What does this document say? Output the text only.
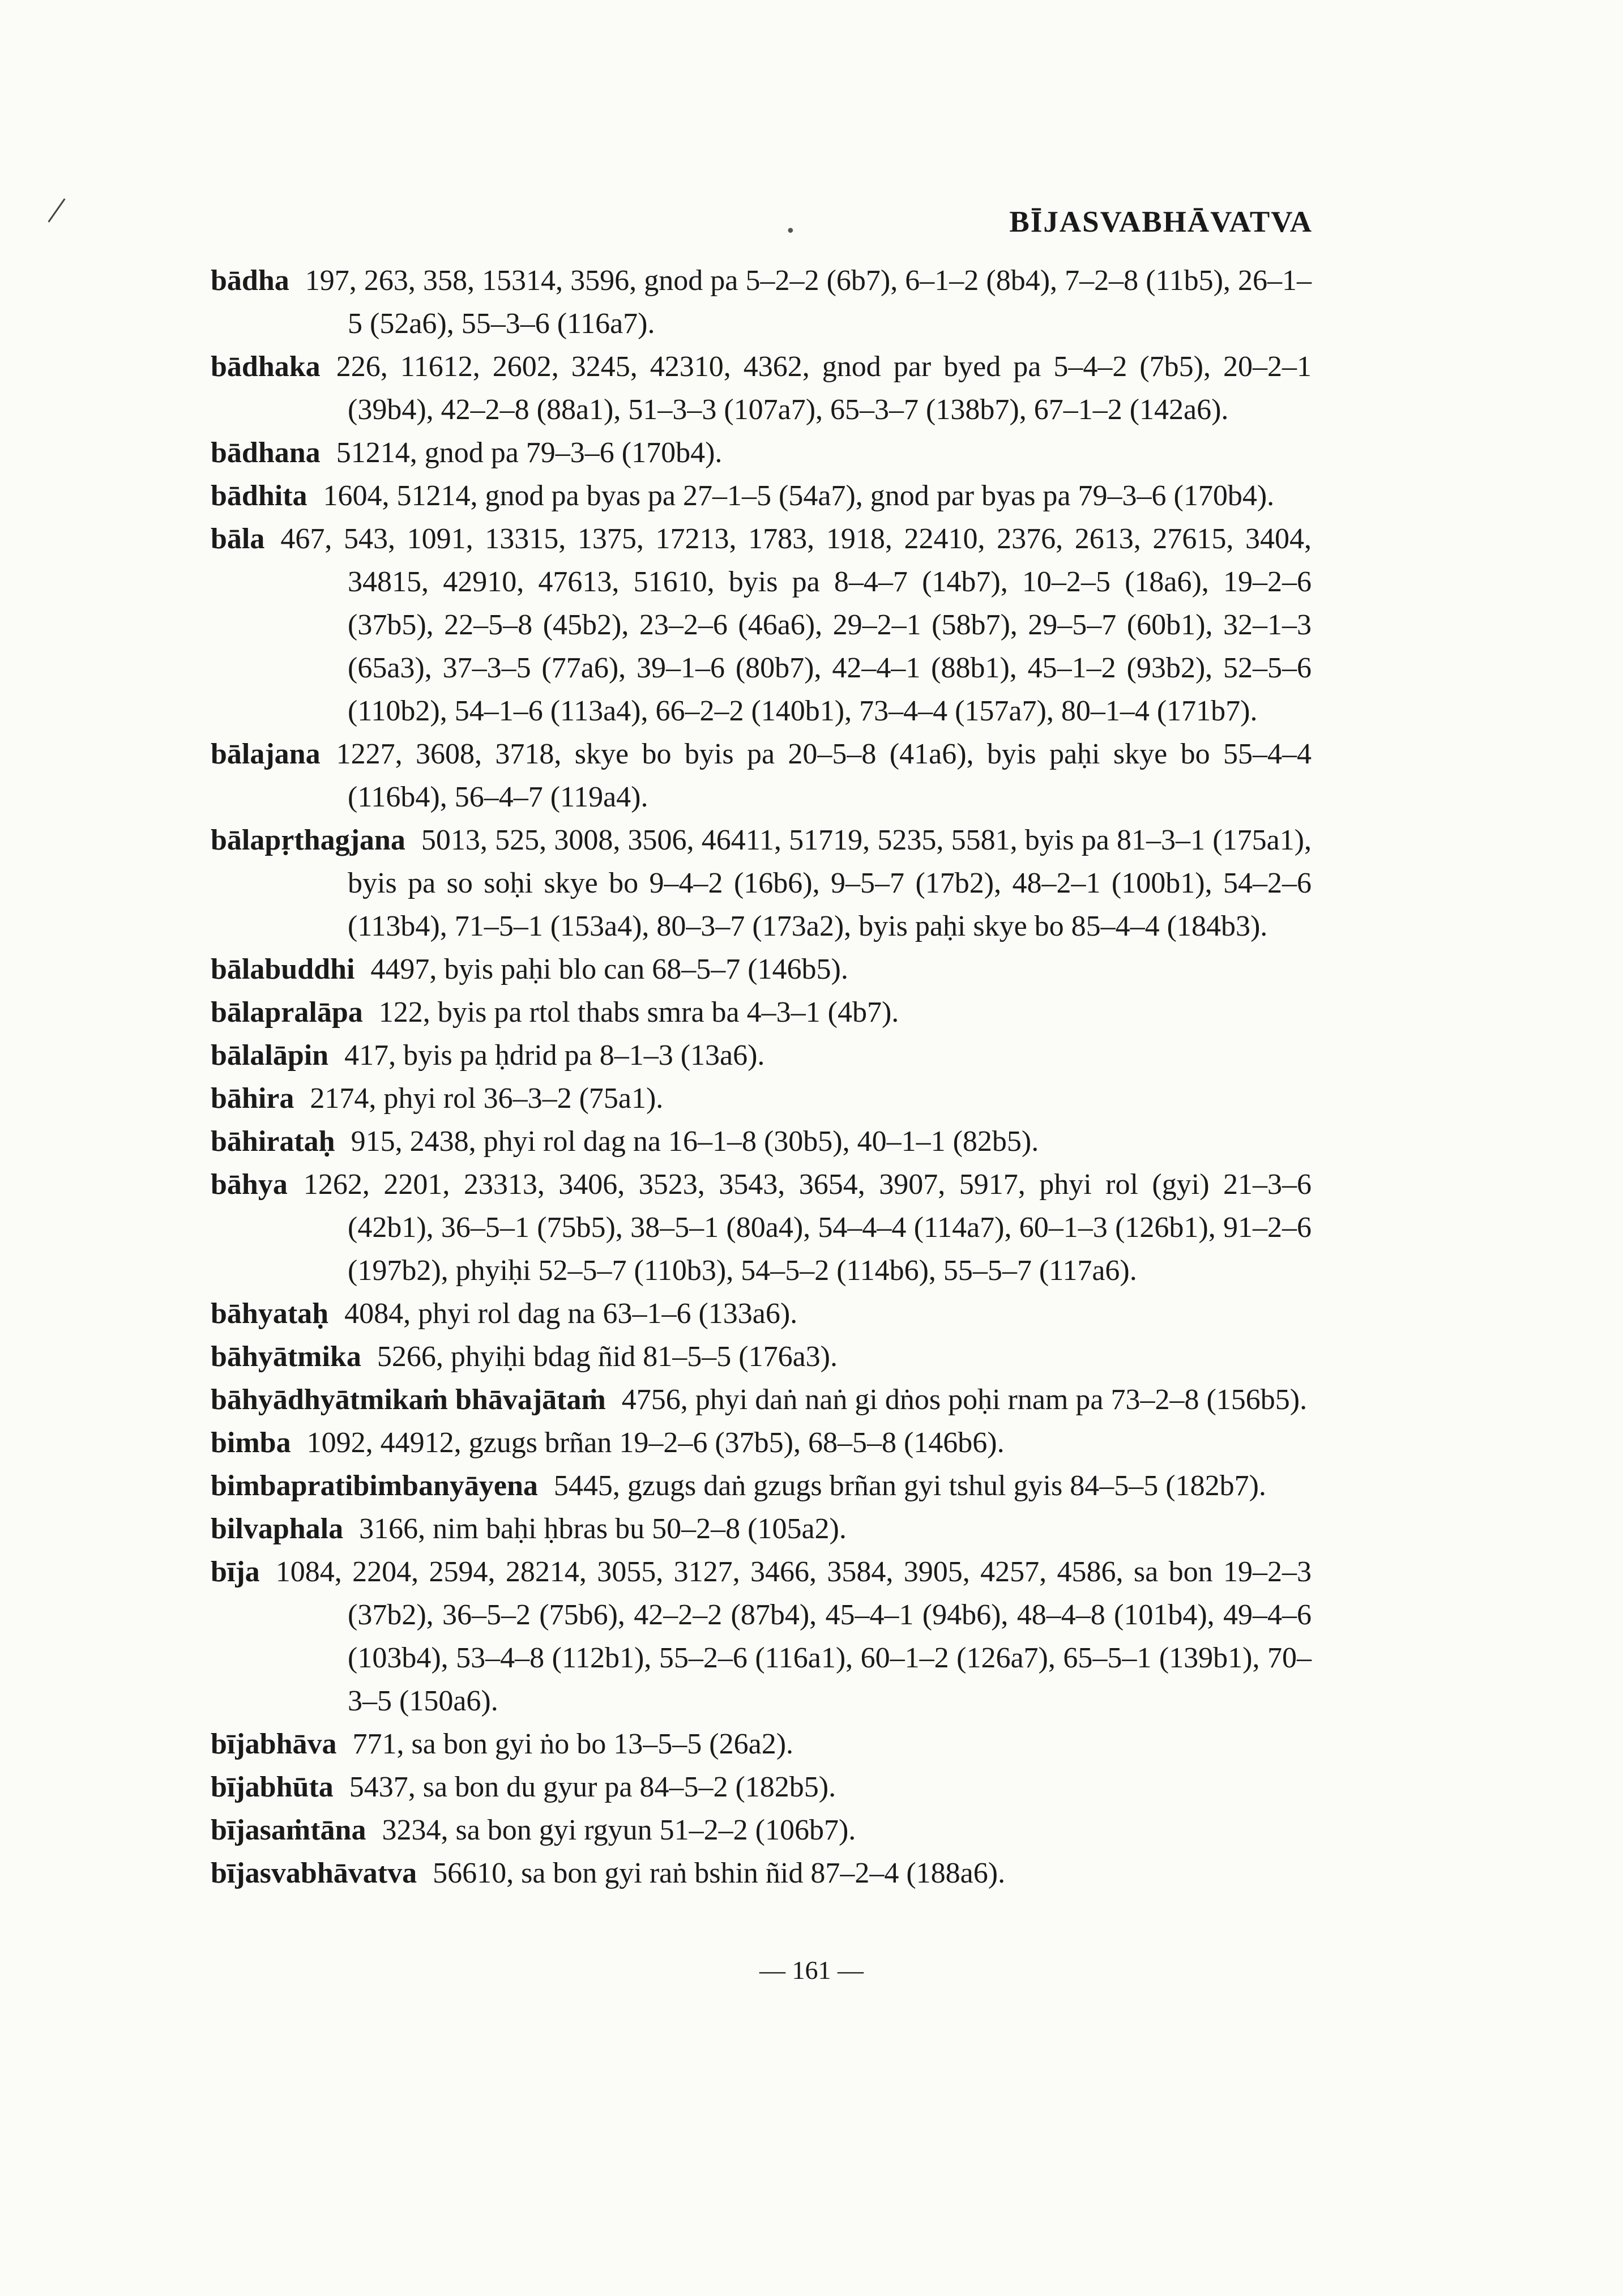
•	BĪJASVABHĀVATVA

bādha 197, 263, 358, 15314, 3596, gnod pa 5–2–2 (6b7), 6–1–2 (8b4), 7–2–8 (11b5), 26–1–5 (52a6), 55–3–6 (116a7).

bādhaka 226, 11612, 2602, 3245, 42310, 4362, gnod par byed pa 5–4–2 (7b5), 20–2–1 (39b4), 42–2–8 (88a1), 51–3–3 (107a7), 65–3–7 (138b7), 67–1–2 (142a6).

bādhana 51214, gnod pa 79–3–6 (170b4).

bādhita 1604, 51214, gnod pa byas pa 27–1–5 (54a7), gnod par byas pa 79–3–6 (170b4).

bāla 467, 543, 1091, 13315, 1375, 17213, 1783, 1918, 22410, 2376, 2613, 27615, 3404, 34815, 42910, 47613, 51610, byis pa 8–4–7 (14b7), 10–2–5 (18a6), 19–2–6 (37b5), 22–5–8 (45b2), 23–2–6 (46a6), 29–2–1 (58b7), 29–5–7 (60b1), 32–1–3 (65a3), 37–3–5 (77a6), 39–1–6 (80b7), 42–4–1 (88b1), 45–1–2 (93b2), 52–5–6 (110b2), 54–1–6 (113a4), 66–2–2 (140b1), 73–4–4 (157a7), 80–1–4 (171b7).

bālajana 1227, 3608, 3718, skye bo byis pa 20–5–8 (41a6), byis paḥi skye bo 55–4–4 (116b4), 56–4–7 (119a4).

bālapṛthagjana 5013, 525, 3008, 3506, 46411, 51719, 5235, 5581, byis pa 81–3–1 (175a1), byis pa so soḥi skye bo 9–4–2 (16b6), 9–5–7 (17b2), 48–2–1 (100b1), 54–2–6 (113b4), 71–5–1 (153a4), 80–3–7 (173a2), byis paḥi skye bo 85–4–4 (184b3).

bālabuddhi 4497, byis paḥi blo can 68–5–7 (146b5).

bālapralāpa 122, byis pa rtol thabs smra ba 4–3–1 (4b7).

bālalāpin 417, byis pa ḥdrid pa 8–1–3 (13a6).

bāhira 2174, phyi rol 36–3–2 (75a1).

bāhirataḥ 915, 2438, phyi rol dag na 16–1–8 (30b5), 40–1–1 (82b5).

bāhya 1262, 2201, 23313, 3406, 3523, 3543, 3654, 3907, 5917, phyi rol (gyi) 21–3–6 (42b1), 36–5–1 (75b5), 38–5–1 (80a4), 54–4–4 (114a7), 60–1–3 (126b1), 91–2–6 (197b2), phyiḥi 52–5–7 (110b3), 54–5–2 (114b6), 55–5–7 (117a6).

bāhyataḥ 4084, phyi rol dag na 63–1–6 (133a6).

bāhyātmika 5266, phyiḥi bdag ñid 81–5–5 (176a3).

bāhyādhyātmikaṁ bhāvajātaṁ 4756, phyi daṅ naṅ gi dṅos poḥi rnam pa 73–2–8 (156b5).

bimba 1092, 44912, gzugs brñan 19–2–6 (37b5), 68–5–8 (146b6).

bimbapratibimbanyāyena 5445, gzugs daṅ gzugs brñan gyi tshul gyis 84–5–5 (182b7).

bilvaphala 3166, nim baḥi ḥbras bu 50–2–8 (105a2).

bīja 1084, 2204, 2594, 28214, 3055, 3127, 3466, 3584, 3905, 4257, 4586, sa bon 19–2–3 (37b2), 36–5–2 (75b6), 42–2–2 (87b4), 45–4–1 (94b6), 48–4–8 (101b4), 49–4–6 (103b4), 53–4–8 (112b1), 55–2–6 (116a1), 60–1–2 (126a7), 65–5–1 (139b1), 70–3–5 (150a6).

bījabhāva 771, sa bon gyi ṅo bo 13–5–5 (26a2).

bījabhūta 5437, sa bon du gyur pa 84–5–2 (182b5).

bījasaṁtāna 3234, sa bon gyi rgyun 51–2–2 (106b7).

bījasvabhāvatva 56610, sa bon gyi raṅ bshin ñid 87–2–4 (188a6).

— 161 —
